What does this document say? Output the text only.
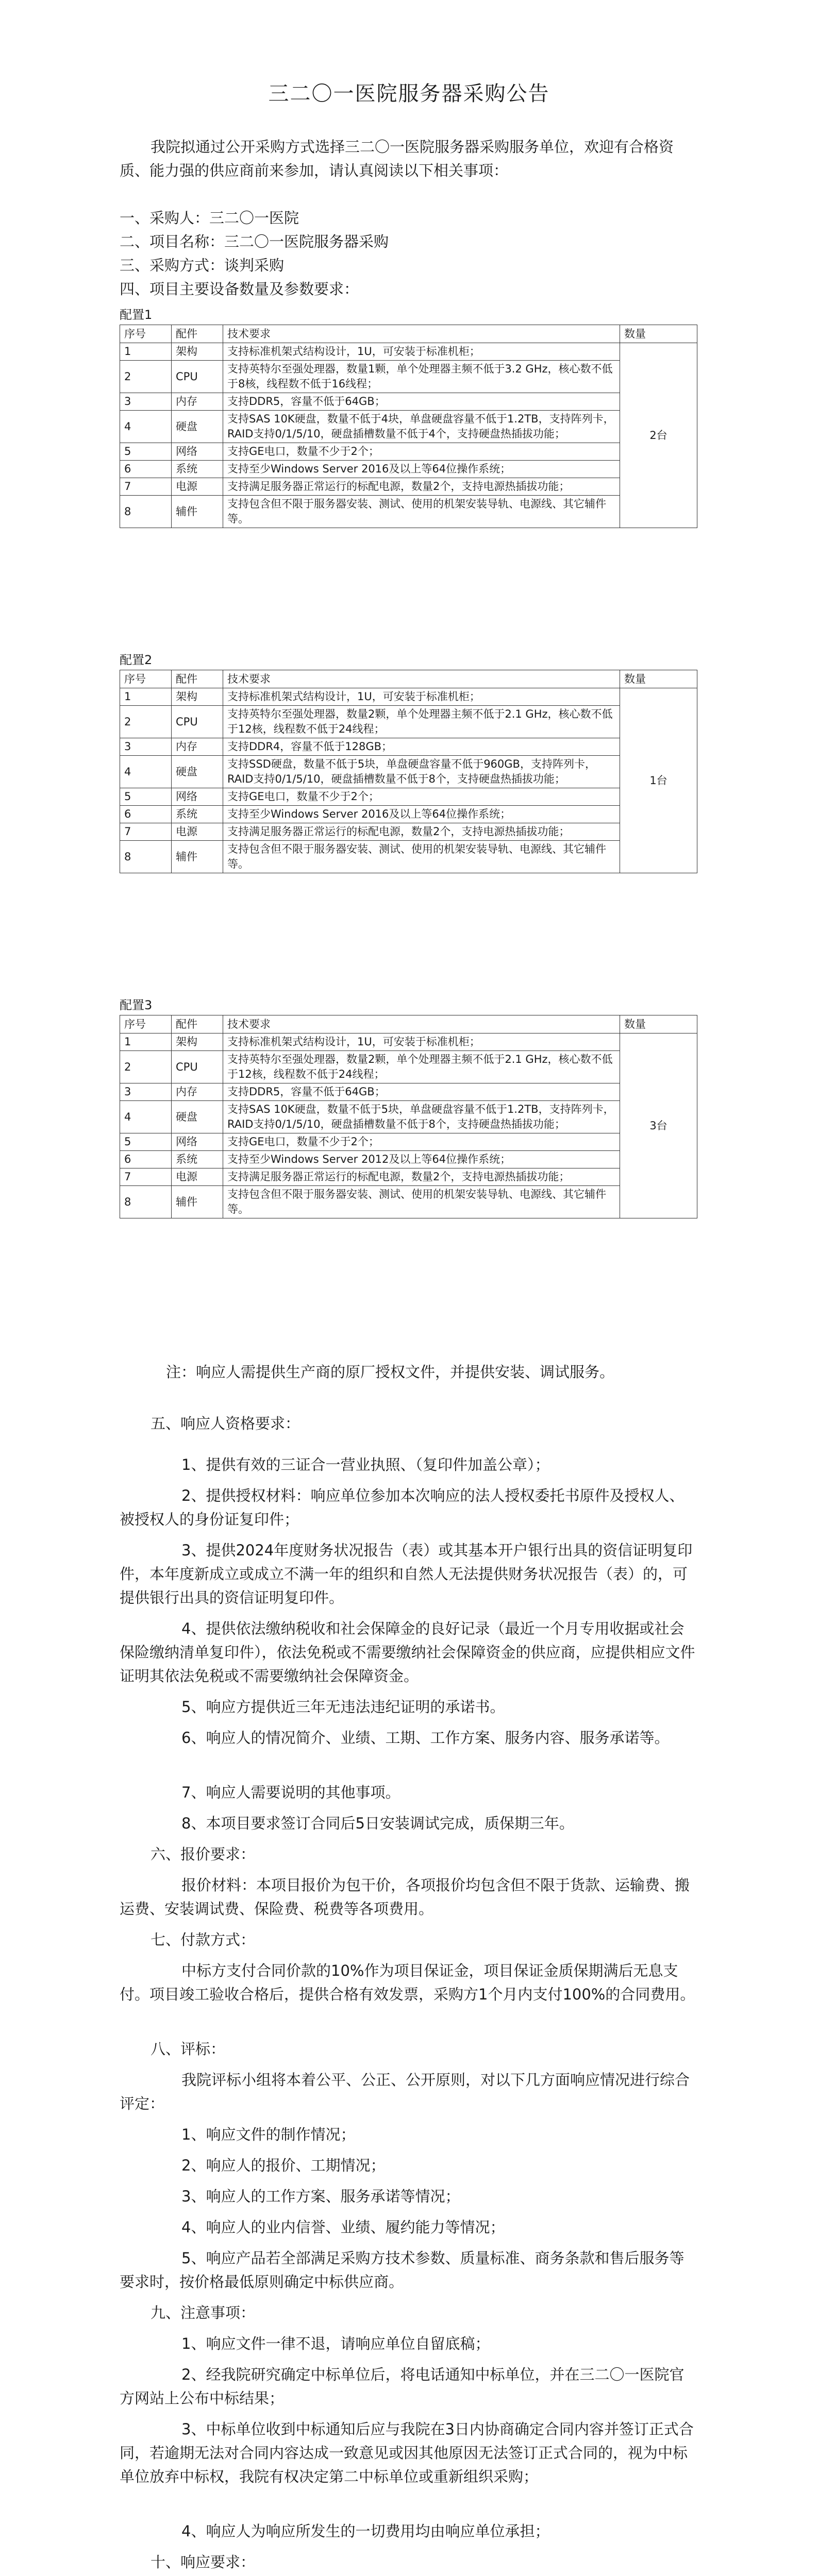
三二〇一医院服务器采购公告

我院拟通过公开采购方式选择三二〇一医院服务器采购服务单位，欢迎有合格资质、能力强的供应商前来参加，请认真阅读以下相关事项：

一、采购人：三二〇一医院

二、项目名称：三二〇一医院服务器采购

三、采购方式：谈判采购

四、项目主要设备数量及参数要求：

配置1
序号	配件	技术要求	数量
1	架构	支持标准机架式结构设计，1U，可安装于标准机柜；	2台
2	CPU	支持英特尔至强处理器，数量1颗，单个处理器主频不低于3.2 GHz，核心数不低于8核，线程数不低于16线程；	
3	内存	支持DDR5，容量不低于64GB；	
4	硬盘	支持SAS 10K硬盘，数量不低于4块，单盘硬盘容量不低于1.2TB，支持阵列卡，RAID支持0/1/5/10，硬盘插槽数量不低于4个，支持硬盘热插拔功能；	
5	网络	支持GE电口，数量不少于2个；	
6	系统	支持至少Windows Server 2016及以上等64位操作系统；	
7	电源	支持满足服务器正常运行的标配电源，数量2个，支持电源热插拔功能；	
8	辅件	支持包含但不限于服务器安装、测试、使用的机架安装导轨、电源线、其它辅件等。	
配置2
序号	配件	技术要求	数量
1	架构	支持标准机架式结构设计，1U，可安装于标准机柜；	1台
2	CPU	支持英特尔至强处理器，数量2颗，单个处理器主频不低于2.1 GHz，核心数不低于12核，线程数不低于24线程；	
3	内存	支持DDR4，容量不低于128GB；	
4	硬盘	支持SSD硬盘，数量不低于5块，单盘硬盘容量不低于960GB，支持阵列卡，RAID支持0/1/5/10，硬盘插槽数量不低于8个，支持硬盘热插拔功能；	
5	网络	支持GE电口，数量不少于2个；	
6	系统	支持至少Windows Server 2016及以上等64位操作系统；	
7	电源	支持满足服务器正常运行的标配电源，数量2个，支持电源热插拔功能；	
8	辅件	支持包含但不限于服务器安装、测试、使用的机架安装导轨、电源线、其它辅件等。	
配置3
序号	配件	技术要求	数量
1	架构	支持标准机架式结构设计，1U，可安装于标准机柜；	3台
2	CPU	支持英特尔至强处理器，数量2颗，单个处理器主频不低于2.1 GHz，核心数不低于12核，线程数不低于24线程；	
3	内存	支持DDR5，容量不低于64GB；	
4	硬盘	支持SAS 10K硬盘，数量不低于5块，单盘硬盘容量不低于1.2TB，支持阵列卡，RAID支持0/1/5/10，硬盘插槽数量不低于8个，支持硬盘热插拔功能；	
5	网络	支持GE电口，数量不少于2个；	
6	系统	支持至少Windows Server 2012及以上等64位操作系统；	
7	电源	支持满足服务器正常运行的标配电源，数量2个，支持电源热插拔功能；	
8	辅件	支持包含但不限于服务器安装、测试、使用的机架安装导轨、电源线、其它辅件等。	

注：响应人需提供生产商的原厂授权文件，并提供安装、调试服务。

五、响应人资格要求：

1、提供有效的三证合一营业执照、（复印件加盖公章）；

2、提供授权材料：响应单位参加本次响应的法人授权委托书原件及授权人、被授权人的身份证复印件；

3、提供2024年度财务状况报告（表）或其基本开户银行出具的资信证明复印件，本年度新成立或成立不满一年的组织和自然人无法提供财务状况报告（表）的，可提供银行出具的资信证明复印件。

4、提供依法缴纳税收和社会保障金的良好记录（最近一个月专用收据或社会保险缴纳清单复印件），依法免税或不需要缴纳社会保障资金的供应商，应提供相应文件证明其依法免税或不需要缴纳社会保障资金。

5、响应方提供近三年无违法违纪证明的承诺书。

6、响应人的情况简介、业绩、工期、工作方案、服务内容、服务承诺等。

7、响应人需要说明的其他事项。

8、本项目要求签订合同后5日安装调试完成，质保期三年。

六、报价要求：

报价材料：本项目报价为包干价，各项报价均包含但不限于货款、运输费、搬运费、安装调试费、保险费、税费等各项费用。

七、付款方式：

中标方支付合同价款的10%作为项目保证金，项目保证金质保期满后无息支付。项目竣工验收合格后，提供合格有效发票，采购方1个月内支付100%的合同费用。

八、评标：

我院评标小组将本着公平、公正、公开原则，对以下几方面响应情况进行综合评定：

1、响应文件的制作情况；

2、响应人的报价、工期情况；

3、响应人的工作方案、服务承诺等情况；

4、响应人的业内信誉、业绩、履约能力等情况；

5、响应产品若全部满足采购方技术参数、质量标准、商务条款和售后服务等要求时，按价格最低原则确定中标供应商。

九、注意事项：

1、响应文件一律不退，请响应单位自留底稿；

2、经我院研究确定中标单位后，将电话通知中标单位，并在三二〇一医院官方网站上公布中标结果；

3、中标单位收到中标通知后应与我院在3日内协商确定合同内容并签订正式合同，若逾期无法对合同内容达成一致意见或因其他原因无法签订正式合同的，视为中标单位放弃中标权，我院有权决定第二中标单位或重新组织采购；

4、响应人为响应所发生的一切费用均由响应单位承担；

十、响应要求：
